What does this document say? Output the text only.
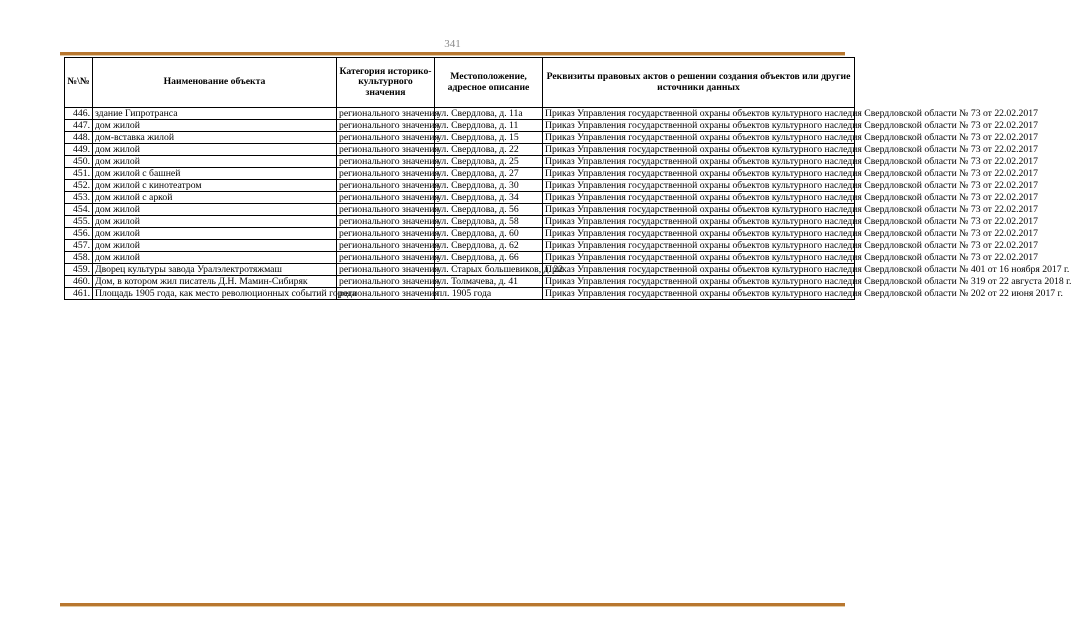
341
№\№	Наименование объекта	Категория историко-культурного значения	Местоположение, адресное описание	Реквизиты правовых актов о решении создания объектов или другие источники данных
446.	здание Гипротранса	регионального значения	ул. Свердлова, д. 11а	Приказ Управления государственной охраны объектов культурного наследия Свердловской области № 73 от 22.02.2017
447.	дом жилой	регионального значения	ул. Свердлова, д. 11	Приказ Управления государственной охраны объектов культурного наследия Свердловской области № 73 от 22.02.2017
448.	дом-вставка жилой	регионального значения	ул. Свердлова, д. 15	Приказ Управления государственной охраны объектов культурного наследия Свердловской области № 73 от 22.02.2017
449.	дом жилой	регионального значения	ул. Свердлова, д. 22	Приказ Управления государственной охраны объектов культурного наследия Свердловской области № 73 от 22.02.2017
450.	дом жилой	регионального значения	ул. Свердлова, д. 25	Приказ Управления государственной охраны объектов культурного наследия Свердловской области № 73 от 22.02.2017
451.	дом жилой с башней	регионального значения	ул. Свердлова, д. 27	Приказ Управления государственной охраны объектов культурного наследия Свердловской области № 73 от 22.02.2017
452.	дом жилой с кинотеатром	регионального значения	ул. Свердлова, д. 30	Приказ Управления государственной охраны объектов культурного наследия Свердловской области № 73 от 22.02.2017
453.	дом жилой с аркой	регионального значения	ул. Свердлова, д. 34	Приказ Управления государственной охраны объектов культурного наследия Свердловской области № 73 от 22.02.2017
454.	дом жилой	регионального значения	ул. Свердлова, д. 56	Приказ Управления государственной охраны объектов культурного наследия Свердловской области № 73 от 22.02.2017
455.	дом жилой	регионального значения	ул. Свердлова, д. 58	Приказ Управления государственной охраны объектов культурного наследия Свердловской области № 73 от 22.02.2017
456.	дом жилой	регионального значения	ул. Свердлова, д. 60	Приказ Управления государственной охраны объектов культурного наследия Свердловской области № 73 от 22.02.2017
457.	дом жилой	регионального значения	ул. Свердлова, д. 62	Приказ Управления государственной охраны объектов культурного наследия Свердловской области № 73 от 22.02.2017
458.	дом жилой	регионального значения	ул. Свердлова, д. 66	Приказ Управления государственной охраны объектов культурного наследия Свердловской области № 73 от 22.02.2017
459.	Дворец культуры завода Уралэлектротяжмаш	регионального значения	ул. Старых большевиков, д. 22	Приказ Управления государственной охраны объектов культурного наследия Свердловской области № 401 от 16 ноября 2017 г.
460.	Дом, в котором жил писатель Д.Н. Мамин-Сибиряк	регионального значения	ул. Толмачева, д. 41	Приказ Управления государственной охраны объектов культурного наследия Свердловской области № 319 от 22 августа 2018 г.
461.	Площадь 1905 года, как место революционных событий города	регионального значения	пл. 1905 года	Приказ Управления государственной охраны объектов культурного наследия Свердловской области № 202 от 22 июня 2017 г.
